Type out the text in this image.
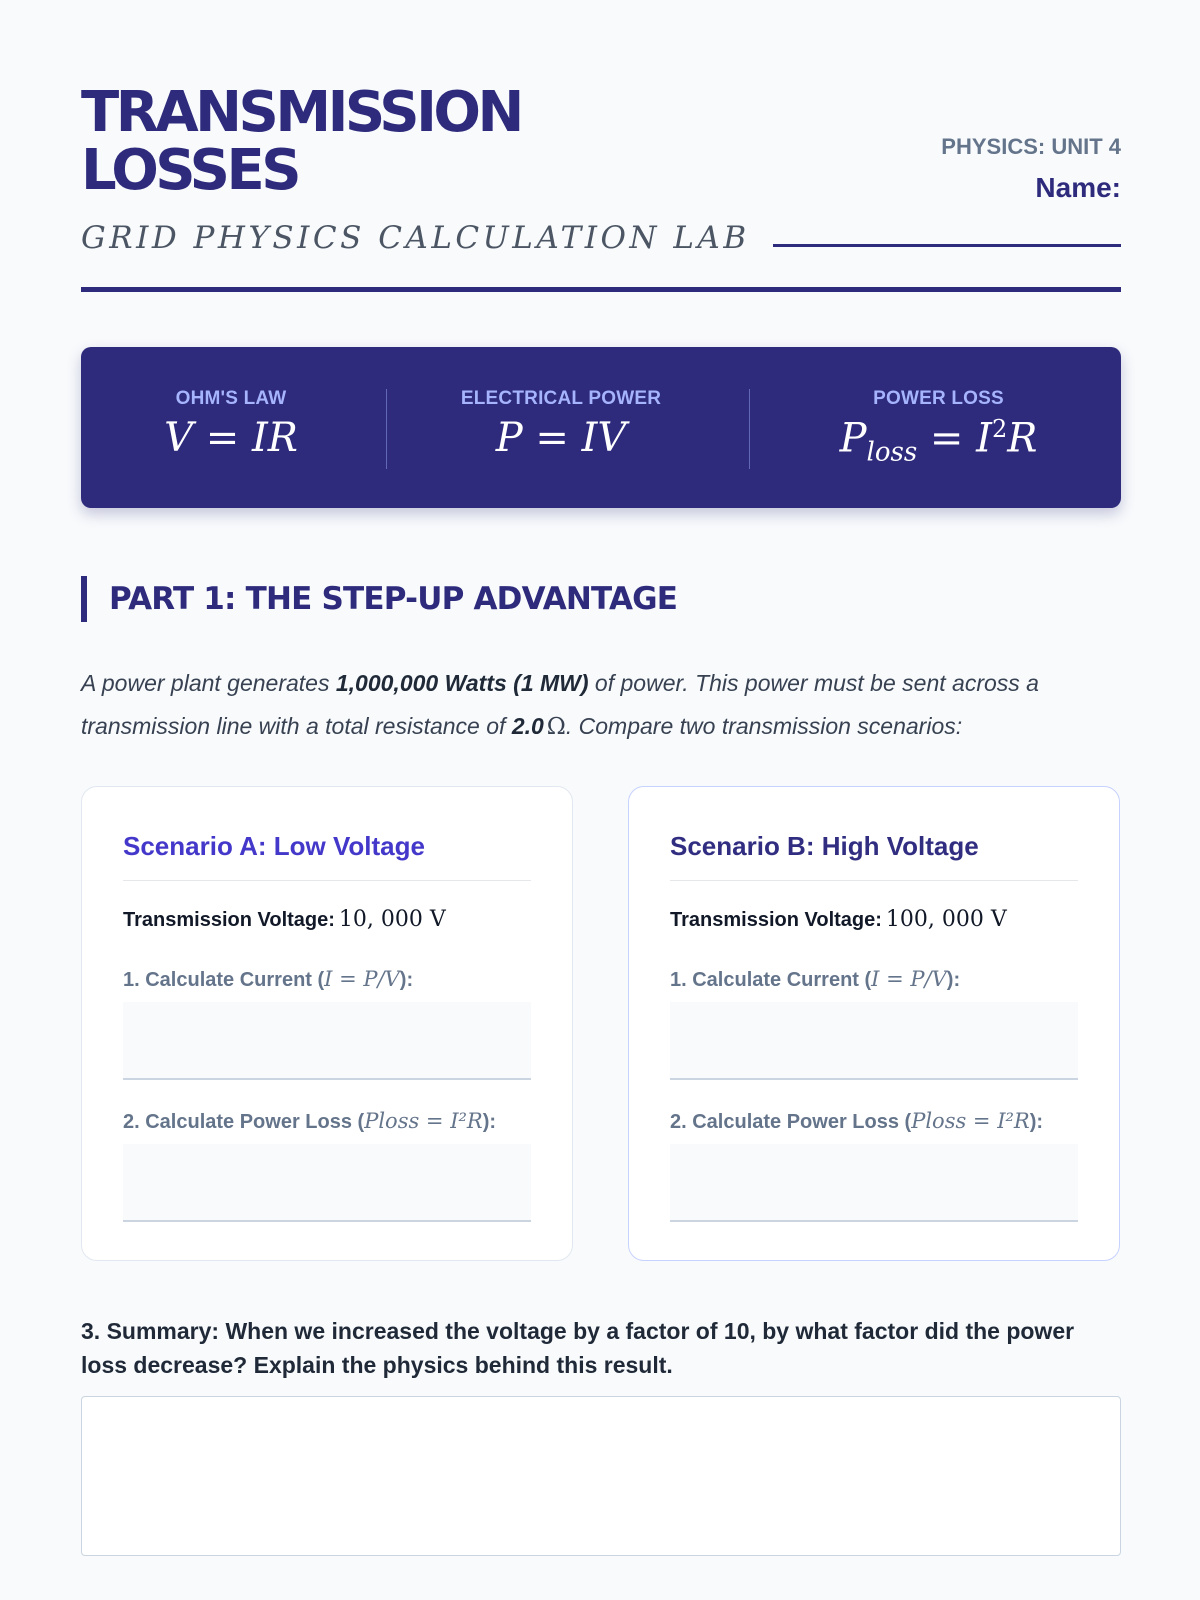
TRANSMISSION
LOSSES
GRID PHYSICS CALCULATION LAB
PHYSICS: UNIT 4
Name:
OHM'S LAW
V = IR
ELECTRICAL POWER
P = IV
POWER LOSS
$P_{loss} = I^2R$
PART 1: THE STEP-UP ADVANTAGE
A power plant generates 1,000,000 Watts (1 MW) of power. This power must be sent across a transmission line with a total resistance of 2.0 Ω. Compare two transmission scenarios:
Scenario A: Low Voltage
Transmission Voltage: 10, 000 V
1. Calculate Current (I = P/V):
2. Calculate Power Loss (Ploss = I²R):
Scenario B: High Voltage
Transmission Voltage: 100, 000 V
1. Calculate Current (I = P/V):
2. Calculate Power Loss (Ploss = I²R):
3. Summary: When we increased the voltage by a factor of 10, by what factor did the power loss decrease? Explain the physics behind this result.
